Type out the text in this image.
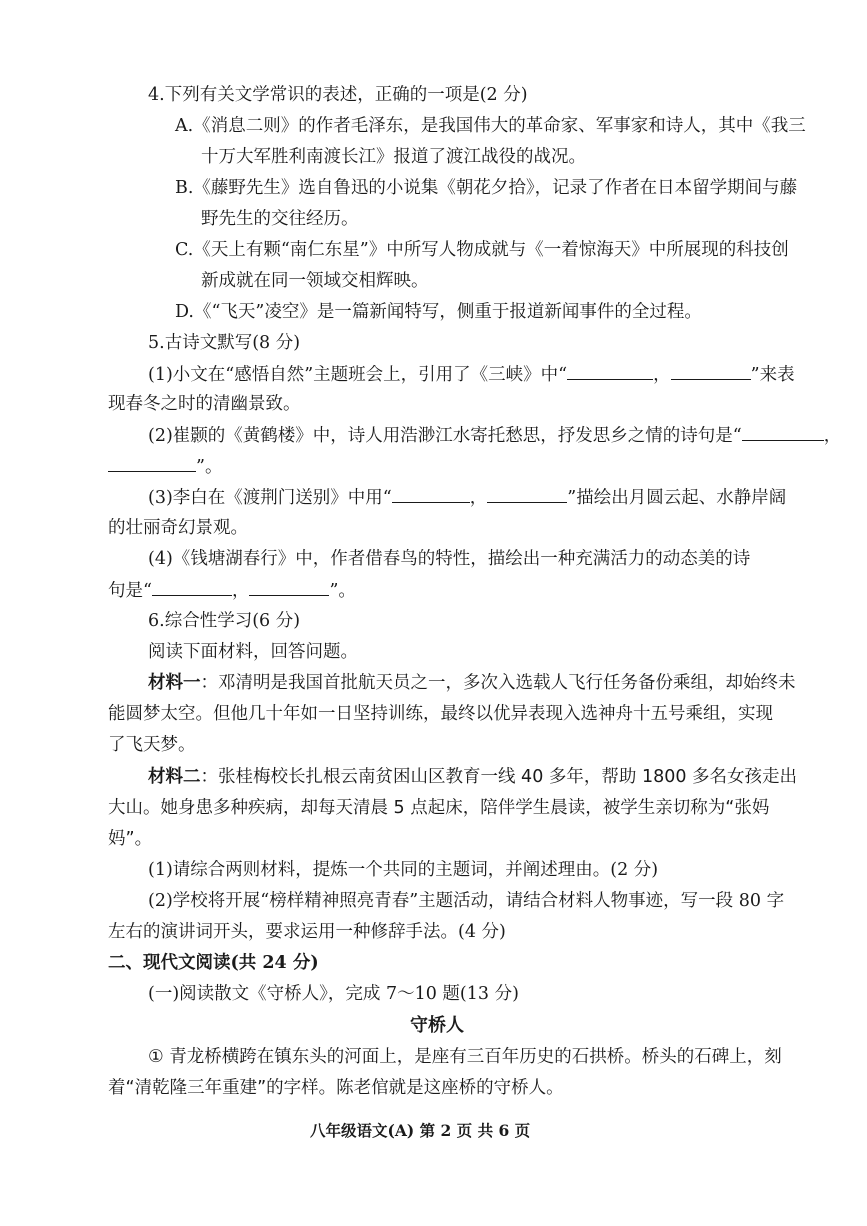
4.下列有关文学常识的表述，正确的一项是(2 分)
A.《消息二则》的作者毛泽东，是我国伟大的革命家、军事家和诗人，其中《我三
十万大军胜利南渡长江》报道了渡江战役的战况。
B.《藤野先生》选自鲁迅的小说集《朝花夕拾》，记录了作者在日本留学期间与藤
野先生的交往经历。
C.《天上有颗“南仁东星”》中所写人物成就与《一着惊海天》中所展现的科技创
新成就在同一领域交相辉映。
D.《“飞天”凌空》是一篇新闻特写，侧重于报道新闻事件的全过程。
5.古诗文默写(8 分)
(1)小文在“感悟自然”主题班会上，引用了《三峡》中“	，	”来表
现春冬之时的清幽景致。
(2)崔颢的《黄鹤楼》中，诗人用浩渺江水寄托愁思，抒发思乡之情的诗句是“	，
”。
(3)李白在《渡荆门送别》中用“	，	”描绘出月圆云起、水静岸阔
的壮丽奇幻景观。
(4)《钱塘湖春行》中，作者借春鸟的特性，描绘出一种充满活力的动态美的诗
句是“	，	”。
6.综合性学习(6 分)
阅读下面材料，回答问题。
材料一：邓清明是我国首批航天员之一，多次入选载人飞行任务备份乘组，却始终未
能圆梦太空。但他几十年如一日坚持训练，最终以优异表现入选神舟十五号乘组，实现
了飞天梦。
材料二：张桂梅校长扎根云南贫困山区教育一线 40 多年，帮助 1800 多名女孩走出
大山。她身患多种疾病，却每天清晨 5 点起床，陪伴学生晨读，被学生亲切称为“张妈
妈”。
(1)请综合两则材料，提炼一个共同的主题词，并阐述理由。(2 分)
(2)学校将开展“榜样精神照亮青春”主题活动，请结合材料人物事迹，写一段 80 字
左右的演讲词开头，要求运用一种修辞手法。(4 分)
二、现代文阅读(共 24 分)
(一)阅读散文《守桥人》，完成 7～10 题(13 分)
守桥人
① 青龙桥横跨在镇东头的河面上，是座有三百年历史的石拱桥。桥头的石碑上，刻
着“清乾隆三年重建”的字样。陈老倌就是这座桥的守桥人。
八年级语文(A) 第 2 页 共 6 页
